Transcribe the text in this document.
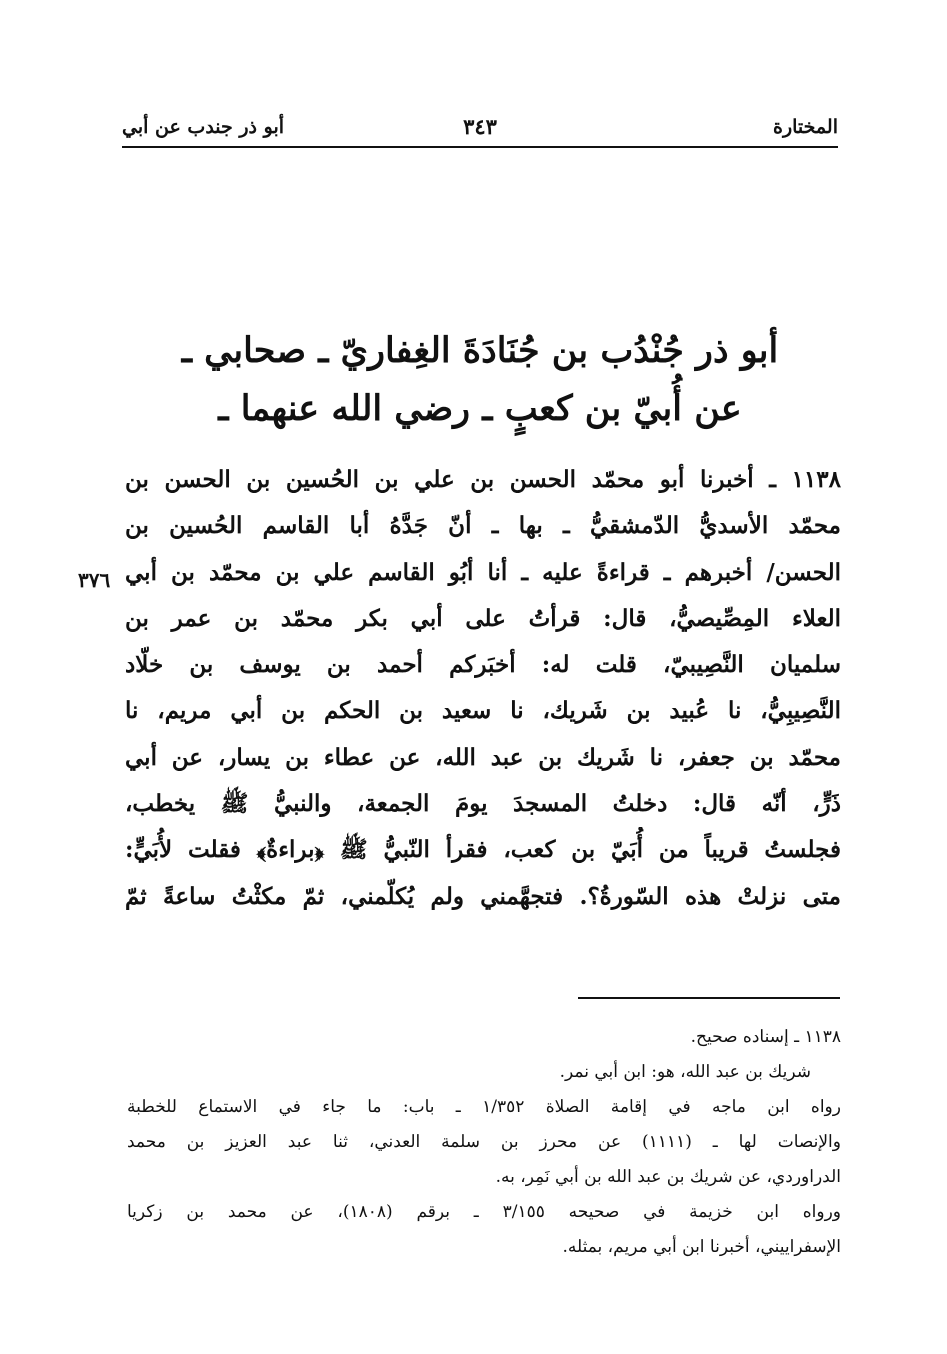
المختارة
٣٤٣
أبو ذر جندب عن أبي
أبو ذر جُنْدُب بن جُنَادَةَ الغِفاريّ ـ صحابي ـ
عن أُبيّ بن كعبٍ ـ رضي الله عنهما ـ
٣٧٦
١١٣٨ ـ أخبرنا أبو محمّد الحسن بن علي بن الحُسين بن الحسن بن
محمّد الأسديُّ الدّمشقيُّ ـ بها ـ أنّ جَدَّهُ أبا القاسم الحُسين بن
الحسن/ أخبرهم ـ قراءةً عليه ـ أنا أبُو القاسم علي بن محمّد بن أبي
العلاء المِصِّيصيُّ، قال: قرأتُ على أبي بكر محمّد بن عمر بن
سلميان النَّصِيبيّ، قلت له: أخبَركم أحمد بن يوسف بن خلّاد
النَّصِيبِيُّ، نا عُبيد بن شَريك، نا سعيد بن الحكم بن أبي مريم، نا
محمّد بن جعفر، نا شَريك بن عبد الله، عن عطاء بن يسار، عن أبي
ذَرٍّ، أنّه قال: دخلتُ المسجدَ يومَ الجمعة، والنبيُّ ﷺ يخطب،
فجلستُ قريباً من أُبَيّ بن كعب، فقرأ النّبيُّ ﷺ ﴿براءةٌ﴾ فقلت لأُبَيٍّ:
متى نزلتْ هذه السّورةُ؟. فتجهَّمني ولم يُكلّمني، ثمّ مكثْتُ ساعةً ثمّ
١١٣٨ ـ إسناده صحيح.
شريك بن عبد الله، هو: ابن أبي نمر.
رواه ابن ماجه في إقامة الصلاة ١/٣٥٢ ـ باب: ما جاء في الاستماع للخطبة
والإنصات لها ـ (١١١١) عن محرز بن سلمة العدني، ثنا عبد العزيز بن محمد
الدراوردي، عن شريك بن عبد الله بن أبي نَمِر، به.
ورواه ابن خزيمة في صحيحه ٣/١٥٥ ـ برقم (١٨٠٨)، عن محمد بن زكريا
الإسفراييني، أخبرنا ابن أبي مريم، بمثله.
